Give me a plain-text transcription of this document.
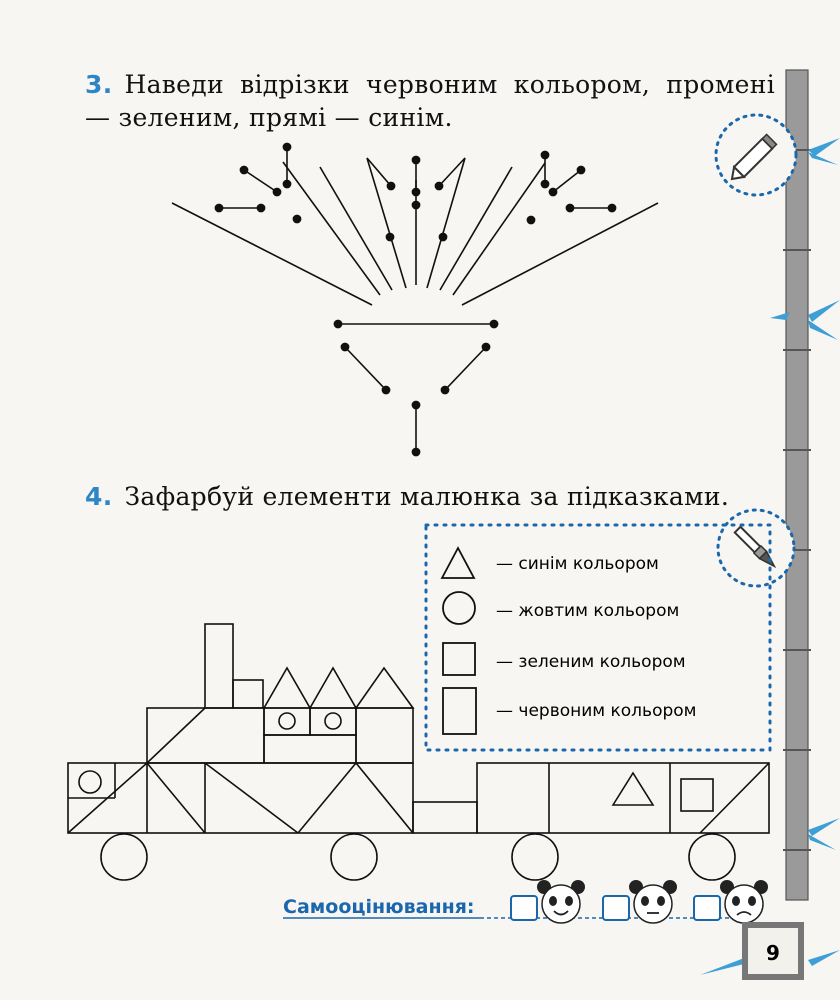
3. Наведи відрізки червоним кольором, промені — зеленим, прямі — синім.
4. Зафарбуй елементи малюнка за підказками.
— синім кольором
— жовтим кольором
— зеленим кольором
— червоним кольором
Самооцінювання:
9
